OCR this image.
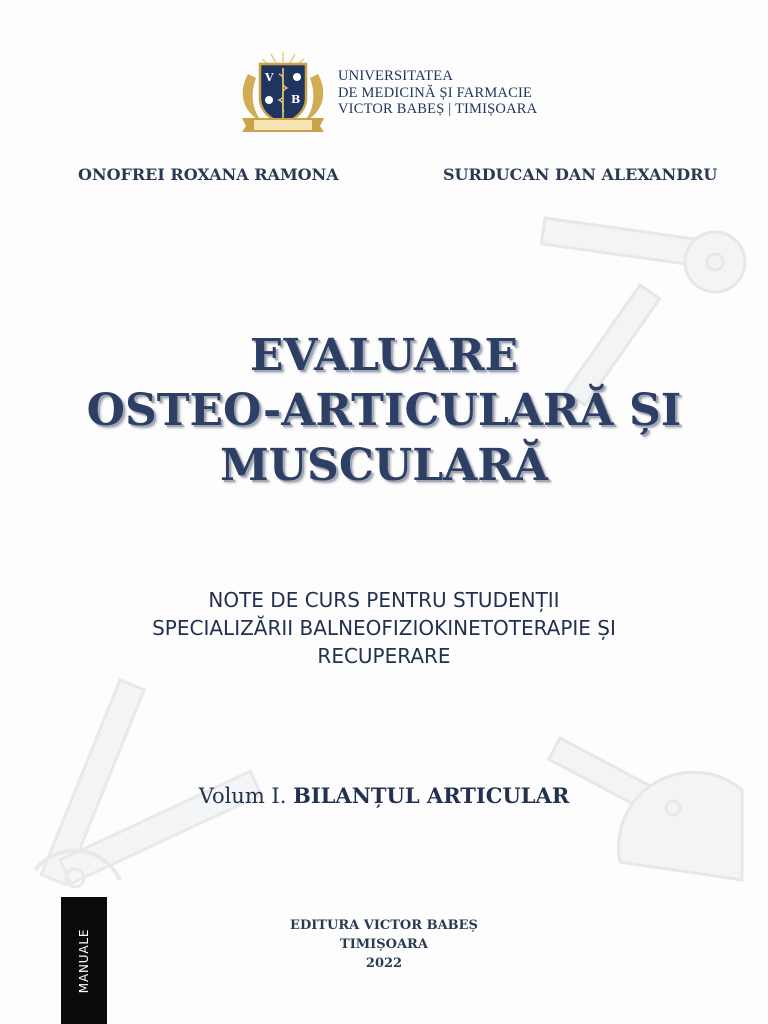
V
B
UNIVERSITATEA
DE MEDICINĂ ȘI FARMACIE
VICTOR BABEȘ | TIMIȘOARA
ONOFREI ROXANA RAMONA	SURDUCAN DAN ALEXANDRU
EVALUARE
OSTEO-ARTICULARĂ ȘI
MUSCULARĂ
NOTE DE CURS PENTRU STUDENȚII
SPECIALIZĂRII BALNEOFIZIOKINETOTERAPIE ȘI
RECUPERARE
Volum I. BILANȚUL ARTICULAR
EDITURA VICTOR BABEȘ
TIMIȘOARA
2022
MANUALE
